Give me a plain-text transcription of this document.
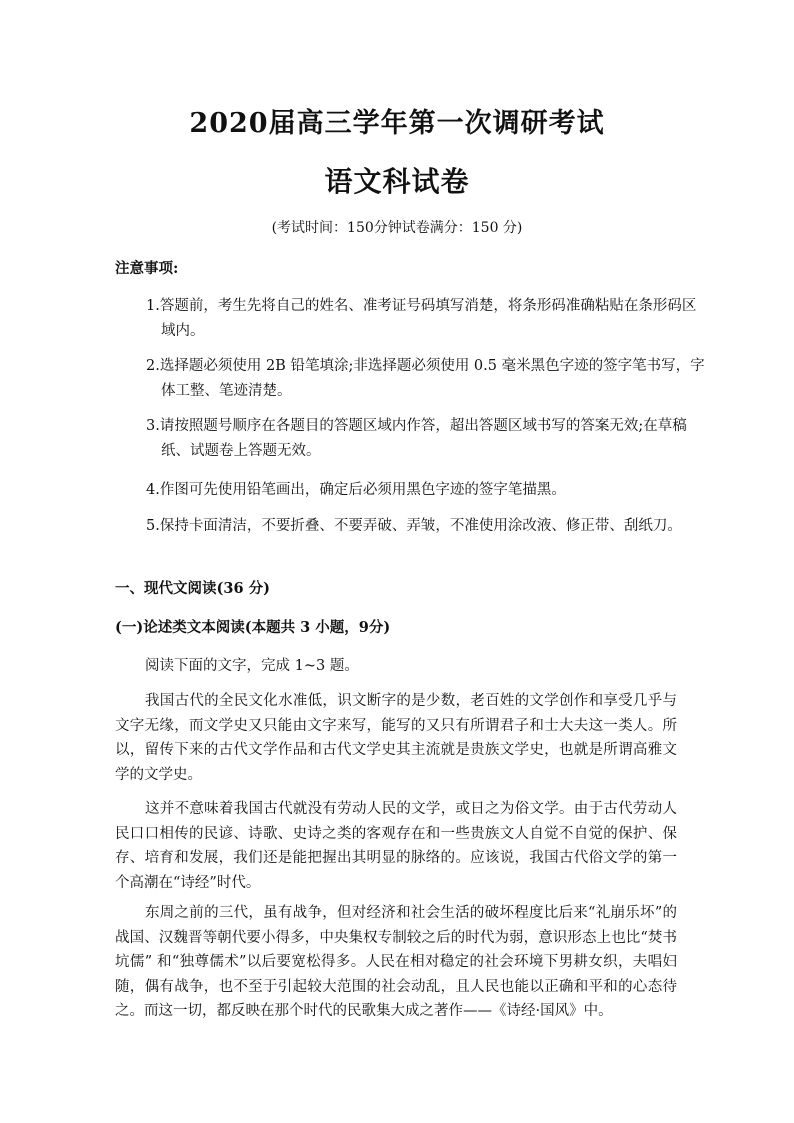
2020届高三学年第一次调研考试
语文科试卷
(考试时间：150分钟试卷满分：150 分)
注意事项:
1.答题前，考生先将自己的姓名、准考证号码填写消楚，将条形码准确粘贴在条形码区域内。
2.选择题必须使用 2B 铅笔填涂;非选择题必须使用 0.5 毫米黑色字迹的签字笔书写，字体工整、笔迹清楚。
3.请按照题号顺序在各题目的答题区域内作答，超出答题区域书写的答案无效;在草稿纸、试题卷上答题无效。
4.作图可先使用铅笔画出，确定后必须用黑色字迹的签字笔描黑。
5.保持卡面清洁，不要折叠、不要弄破、弄皱，不准使用涂改液、修正带、刮纸刀。
一、现代文阅读(36 分)
(一)论述类文本阅读(本题共 3 小题，9分)
阅读下面的文字，完成 1~3 题。
我国古代的全民文化水准低，识文断字的是少数，老百姓的文学创作和享受几乎与文字无缘，而文学史又只能由文字来写，能写的又只有所谓君子和士大夫这一类人。所以，留传下来的古代文学作品和古代文学史其主流就是贵族文学史，也就是所谓高雅文学的文学史。
这并不意味着我国古代就没有劳动人民的文学，或日之为俗文学。由于古代劳动人民口口相传的民谚、诗歌、史诗之类的客观存在和一些贵族文人自觉不自觉的保护、保存、培育和发展，我们还是能把握出其明显的脉络的。应该说，我国古代俗文学的第一个高潮在“诗经”时代。
东周之前的三代，虽有战争，但对经济和社会生活的破坏程度比后来“礼崩乐坏”的战国、汉魏晋等朝代要小得多，中央集权专制较之后的时代为弱，意识形态上也比“焚书坑儒” 和“独尊儒术”以后要宽松得多。人民在相对稳定的社会环境下男耕女织，夫唱妇随，偶有战争，也不至于引起较大范围的社会动乱，且人民也能以正确和平和的心态待之。而这一切，都反映在那个时代的民歌集大成之著作——《诗经·国风》中。
